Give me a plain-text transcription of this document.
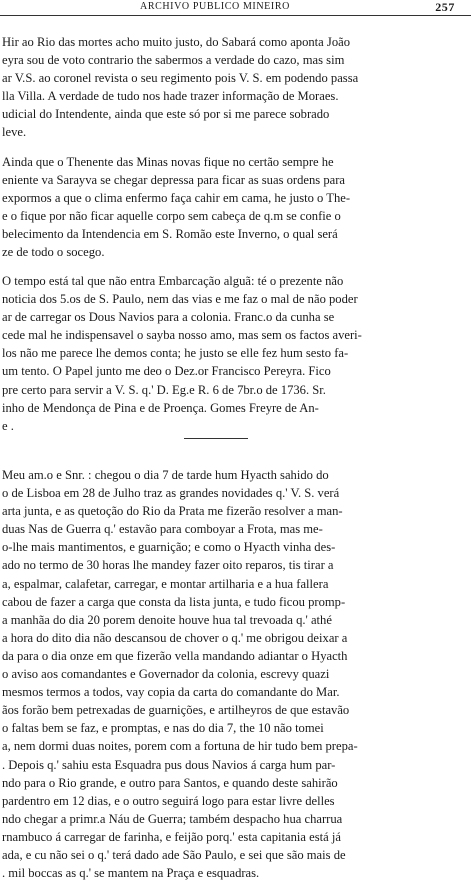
ARCHIVO PUBLICO MINEIRO	257
Hir ao Rio das mortes acho muito justo, do Sabará como aponta João
eyra sou de voto contrario the sabermos a verdade do cazo, mas sim
ar V.S. ao coronel revista o seu regimento pois V. S. em podendo passa
lla Villa. A verdade de tudo nos hade trazer informação de Moraes.
udicial do Intendente, ainda que este só por si me parece sobrado
leve.
Ainda que o Thenente das Minas novas fique no certão sempre he
eniente va Sarayva se chegar depressa para ficar as suas ordens para
expormos a que o clima enfermo faça cahir em cama, he justo o The-
e o fique por não ficar aquelle corpo sem cabeça de q.m se confie o
belecimento da Intendencia em S. Romão este Inverno, o qual será
ze de todo o socego.
O tempo está tal que não entra Embarcação alguã: té o prezente não
noticia dos 5.os de S. Paulo, nem das vias e me faz o mal de não poder
ar de carregar os Dous Navios para a colonia. Franc.o da cunha se
cede mal he indispensavel o sayba nosso amo, mas sem os factos averi-
los não me parece lhe demos conta; he justo se elle fez hum sesto fa-
um tento. O Papel junto me deo o Dez.or Francisco Pereyra. Fico
pre certo para servir a V. S. q.' D. Eg.e R. 6 de 7br.o de 1736. Sr.
inho de Mendonça de Pina e de Proença. Gomes Freyre de An-
e .
Meu am.o e Snr. : chegou o dia 7 de tarde hum Hyacth sahido do
o de Lisboa em 28 de Julho traz as grandes novidades q.' V. S. verá
arta junta, e as quetoção do Rio da Prata me fizerão resolver a man-
duas Nas de Guerra q.' estavão para comboyar a Frota, mas me-
o-lhe mais mantimentos, e guarnição; e como o Hyacth vinha des-
ado no termo de 30 horas lhe mandey fazer oito reparos, tis tirar a
a, espalmar, calafetar, carregar, e montar artilharia e a hua fallera
cabou de fazer a carga que consta da lista junta, e tudo ficou promp-
a manhãa do dia 20 porem denoite houve hua tal trevoada q.' athé
a hora do dito dia não descansou de chover o q.' me obrigou deixar a
da para o dia onze em que fizerão vella mandando adiantar o Hyacth
o aviso aos comandantes e Governador da colonia, escrevy quazi
mesmos termos a todos, vay copia da carta do comandante do Mar.
ãos forão bem petrexadas de guarnições, e artilheyros de que estavão
o faltas bem se faz, e promptas, e nas do dia 7, the 10 não tomei
a, nem dormi duas noites, porem com a fortuna de hir tudo bem prepa-
. Depois q.' sahiu esta Esquadra pus dous Navios á carga hum par-
ndo para o Rio grande, e outro para Santos, e quando deste sahirão
pardentro em 12 dias, e o outro seguirá logo para estar livre delles
ndo chegar a primr.a Náu de Guerra; também despacho hua charrua
rnambuco á carregar de farinha, e feijão porq.' esta capitania está já
ada, e cu não sei o q.' terá dado ade São Paulo, e sei que são mais de
. mil boccas as q.' se mantem na Praça e esquadras.
